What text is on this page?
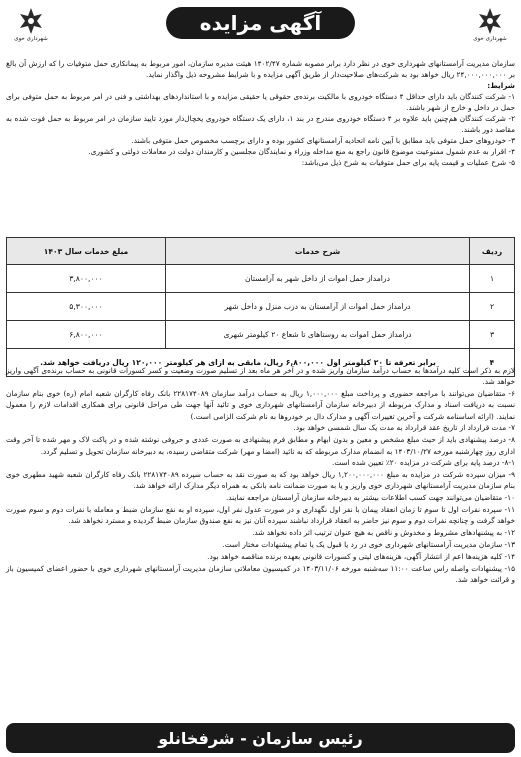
شهرداری خوی
آگهی مزایده
شهرداری خوی
سازمان مدیریت آرامستانهای شهرداری خوی در نظر دارد برابر مصوبه شماره ۱۴۰۲/۴۷ هیئت مدیره سازمان، امور مربوط به پیمانکاری حمل متوفیات را که ارزش آن بالغ بر ۲۴,۰۰۰,۰۰۰,۰۰۰ ریال خواهد بود به شرکت‌های صلاحیت‌دار از طریق آگهی مزایده و با شرایط مشروحه ذیل واگذار نماید.
شرایط:
۱- شرکت کنندگان باید دارای حداقل ۴ دستگاه خودروی با مالکیت برنده‌ی حقوقی یا حقیقی مزایده و با استانداردهای بهداشتی و فنی در امر مربوط به حمل متوفی برای حمل در داخل و خارج از شهر باشند.
۲- شرکت کنندگان هم‌چنین باید علاوه بر ۴ دستگاه خودروی مندرج در بند ۱، دارای یک دستگاه خودروی یخچال‌دار مورد تایید سازمان در امر مربوط به حمل فوت شده به مقاصد دور باشند.
۳- خودروهای حمل متوفی باید مطابق با آیین نامه اتحادیه آرامستانهای کشور بوده و دارای برچسب مخصوص حمل متوفی باشند.
۴- اقرار به عدم شمول ممنوعیت موضوع قانون راجع به منع مداخله وزراء و نمایندگان مجلسین و کارمندان دولت در معاملات دولتی و کشوری.
۵- شرح عملیات و قیمت پایه برای حمل متوفیات به شرح ذیل می‌باشد:
ردیف	شرح خدمات	مبلغ خدمات سال ۱۴۰۳
۱	درامداز حمل اموات از داخل شهر به آرامستان	۳,۸۰۰,۰۰۰
۲	درامداز حمل اموات از آرامستان به درب منزل و داخل شهر	۵,۳۰۰,۰۰۰
۳	درامداز حمل اموات به روستاهای تا شعاع ۲۰ کیلومتر شهری	۶,۸۰۰,۰۰۰
۴	برابر تعرفه تا ۲۰ کیلومتر اول ۶,۸۰۰,۰۰۰ ریال، مابقی به ازای هر کیلومتر ۱۲۰,۰۰۰ ریال دریافت خواهد شد.	

لازم به ذکر است کلیه درآمدها به حساب درآمد سازمان واریز شده و در آخر هر ماه بعد از تسلیم صورت وضعیت و کسر کسورات قانونی به حساب برنده‌ی آگهی واریز خواهد شد.

۶- متقاضیان می‌توانند با مراجعه حضوری و پرداخت مبلغ ۱,۰۰۰,۰۰۰ ریال به حساب درآمد سازمان ۲۲۸۱۷۴۰۸۹ بانک رفاه کارگران شعبه امام (ره) خوی بنام سازمان نسبت به دریافت اسناد و مدارک مربوطه از دبیرخانه سازمان آرامستانهای شهرداری خوی و تائید آنها جهت طی مراحل قانونی برای همکاری اقدامات لازم را معمول نمایند. (ارائه اساسنامه شرکت و آخرین تغییرات آگهی و مدارک دال بر خودروها به نام شرکت الزامی است.)

۷- مدت قرارداد از تاریخ عقد قرارداد به مدت یک سال شمسی خواهد بود.

۸- درصد پیشنهادی باید از حیث مبلغ مشخص و معین و بدون ابهام و مطابق فرم پیشنهادی به صورت عددی و حروفی نوشته شده و در پاکت لاک و مهر شده تا آخر وقت اداری روز چهارشنبه مورخه ۱۴۰۳/۱۰/۲۷ به انضمام مدارک مربوطه که به تائید (امضا و مهر) شرکت متقاضی رسیده، به دبیرخانه سازمان تحویل و تسلیم گردد.

۸-۱- درصد پایه برای شرکت در مزایده ۲۰٪ تعیین شده است.

۹- میزان سپرده شرکت در مزایده به مبلغ ۱,۲۰۰,۰۰۰,۰۰۰ ریال خواهد بود که به صورت نقد به حساب سپرده ۲۲۸۱۷۴۰۸۹ بانک رفاه کارگران شعبه شهید مطهری خوی بنام سازمان مدیریت آرامستانهای شهرداری خوی واریز و یا به صورت ضمانت نامه بانکی به همراه دیگر مدارک ارائه خواهد شد.

۱۰- متقاضیان می‌توانند جهت کسب اطلاعات بیشتر به دبیرخانه سازمان آرامستان مراجعه نمایند.

۱۱- سپرده نفرات اول تا سوم تا زمان انعقاد پیمان با نفر اول نگهداری و در صورت عدول نفر اول، سپرده او به نفع سازمان ضبط و معامله با نفرات دوم و سوم صورت خواهد گرفت و چنانچه نفرات دوم و سوم نیز حاضر به انعقاد قرارداد نباشند سپرده آنان نیز به نفع صندوق سازمان ضبط گردیده و مسترد نخواهد شد.

۱۲- به پیشنهادهای مشروط و مخدوش و ناقص به هیچ عنوان ترتیب اثر داده نخواهد شد.

۱۳- سازمان مدیریت آرامستانهای شهرداری خوی در رد یا قبول یک یا تمام پیشنهادات مختار است.

۱۴- کلیه هزینه‌ها اعم از انتشار آگهی، هزینه‌های لیتی و کسورات قانونی بعهده برنده مناقصه خواهد بود.

۱۵- پیشنهادات واصله راس ساعت ۱۱:۰۰ سه‌شنبه مورخه ۱۴۰۳/۱۱/۰۶ در کمیسیون معاملاتی سازمان مدیریت آرامستانهای شهرداری خوی با حضور اعضای کمیسیون باز و قرائت خواهد شد.

رئیس سازمان - شرفخانلو
